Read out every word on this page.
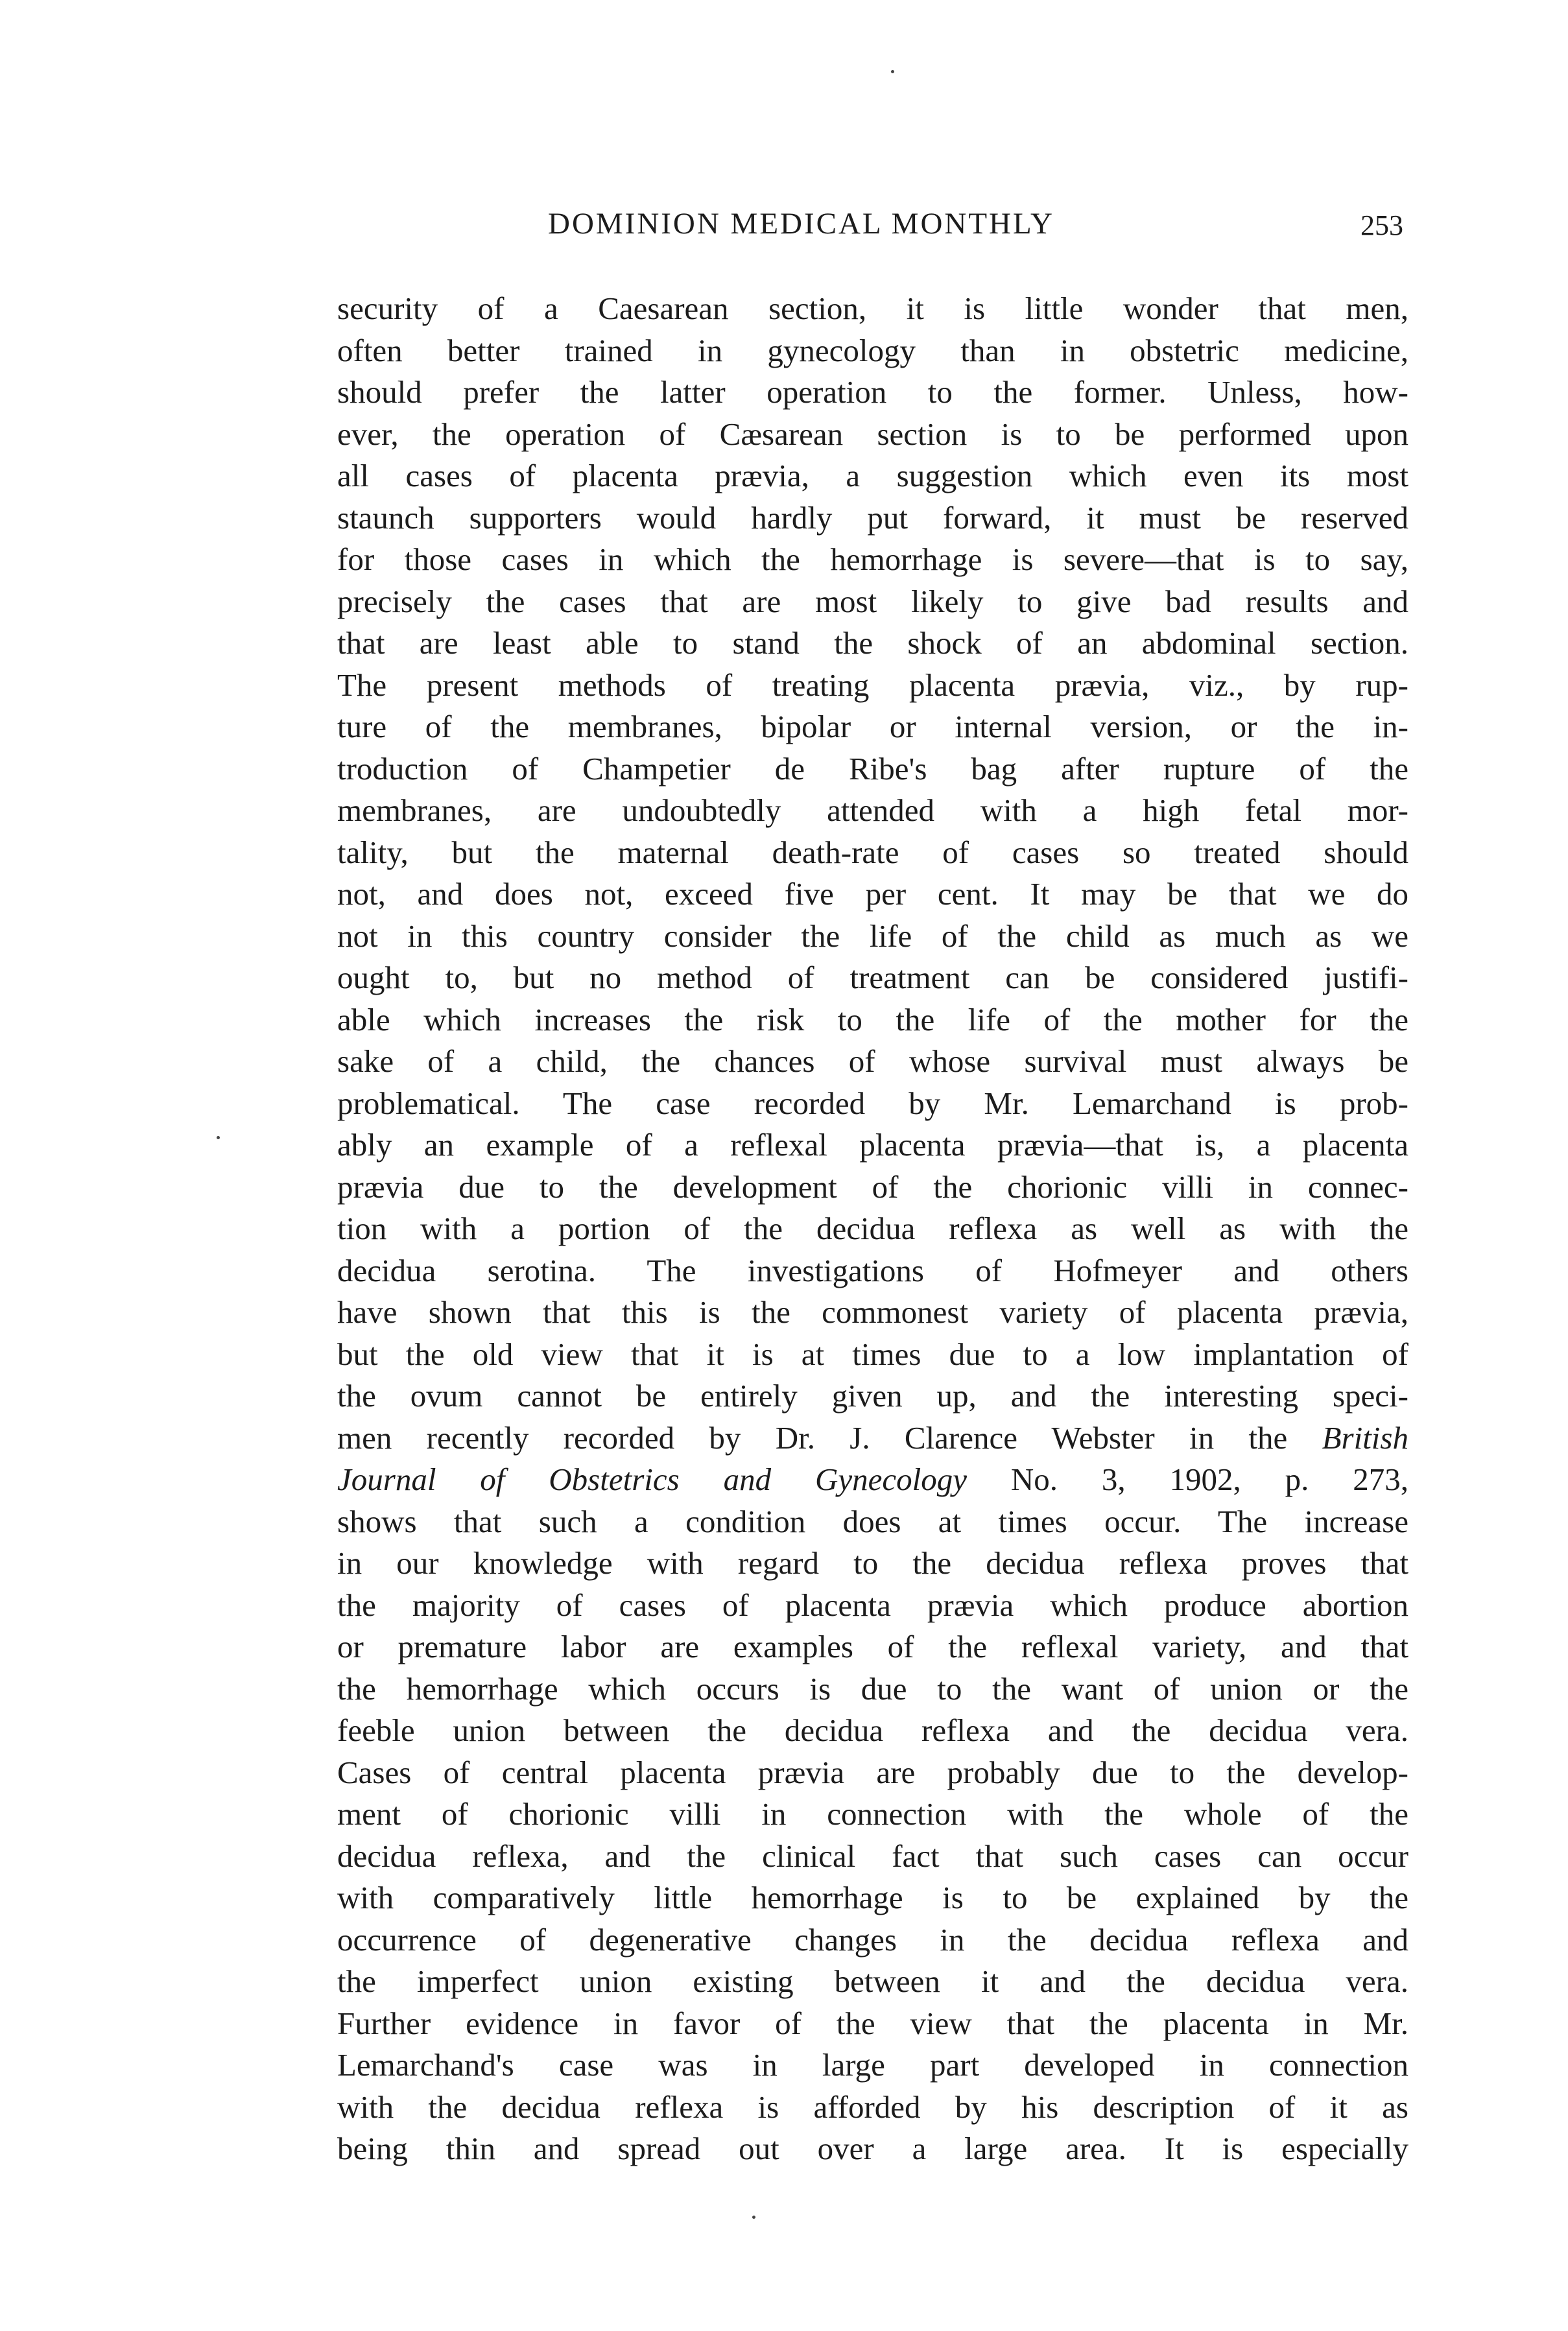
DOMINION MEDICAL MONTHLY	253
security of a Caesarean section, it is little wonder that men,
often better trained in gynecology than in obstetric medicine,
should prefer the latter operation to the former. Unless, how-
ever, the operation of Cæsarean section is to be performed upon
all cases of placenta prævia, a suggestion which even its most
staunch supporters would hardly put forward, it must be reserved
for those cases in which the hemorrhage is severe—that is to say,
precisely the cases that are most likely to give bad results and
that are least able to stand the shock of an abdominal section.
The present methods of treating placenta prævia, viz., by rup-
ture of the membranes, bipolar or internal version, or the in-
troduction of Champetier de Ribe's bag after rupture of the
membranes, are undoubtedly attended with a high fetal mor-
tality, but the maternal death-rate of cases so treated should
not, and does not, exceed five per cent. It may be that we do
not in this country consider the life of the child as much as we
ought to, but no method of treatment can be considered justifi-
able which increases the risk to the life of the mother for the
sake of a child, the chances of whose survival must always be
problematical. The case recorded by Mr. Lemarchand is prob-
ably an example of a reflexal placenta prævia—that is, a placenta
prævia due to the development of the chorionic villi in connec-
tion with a portion of the decidua reflexa as well as with the
decidua serotina. The investigations of Hofmeyer and others
have shown that this is the commonest variety of placenta prævia,
but the old view that it is at times due to a low implantation of
the ovum cannot be entirely given up, and the interesting speci-
men recently recorded by Dr. J. Clarence Webster in the British
Journal of Obstetrics and Gynecology No. 3, 1902, p. 273,
shows that such a condition does at times occur. The increase
in our knowledge with regard to the decidua reflexa proves that
the majority of cases of placenta prævia which produce abortion
or premature labor are examples of the reflexal variety, and that
the hemorrhage which occurs is due to the want of union or the
feeble union between the decidua reflexa and the decidua vera.
Cases of central placenta prævia are probably due to the develop-
ment of chorionic villi in connection with the whole of the
decidua reflexa, and the clinical fact that such cases can occur
with comparatively little hemorrhage is to be explained by the
occurrence of degenerative changes in the decidua reflexa and
the imperfect union existing between it and the decidua vera.
Further evidence in favor of the view that the placenta in Mr.
Lemarchand's case was in large part developed in connection
with the decidua reflexa is afforded by his description of it as
being thin and spread out over a large area. It is especially
